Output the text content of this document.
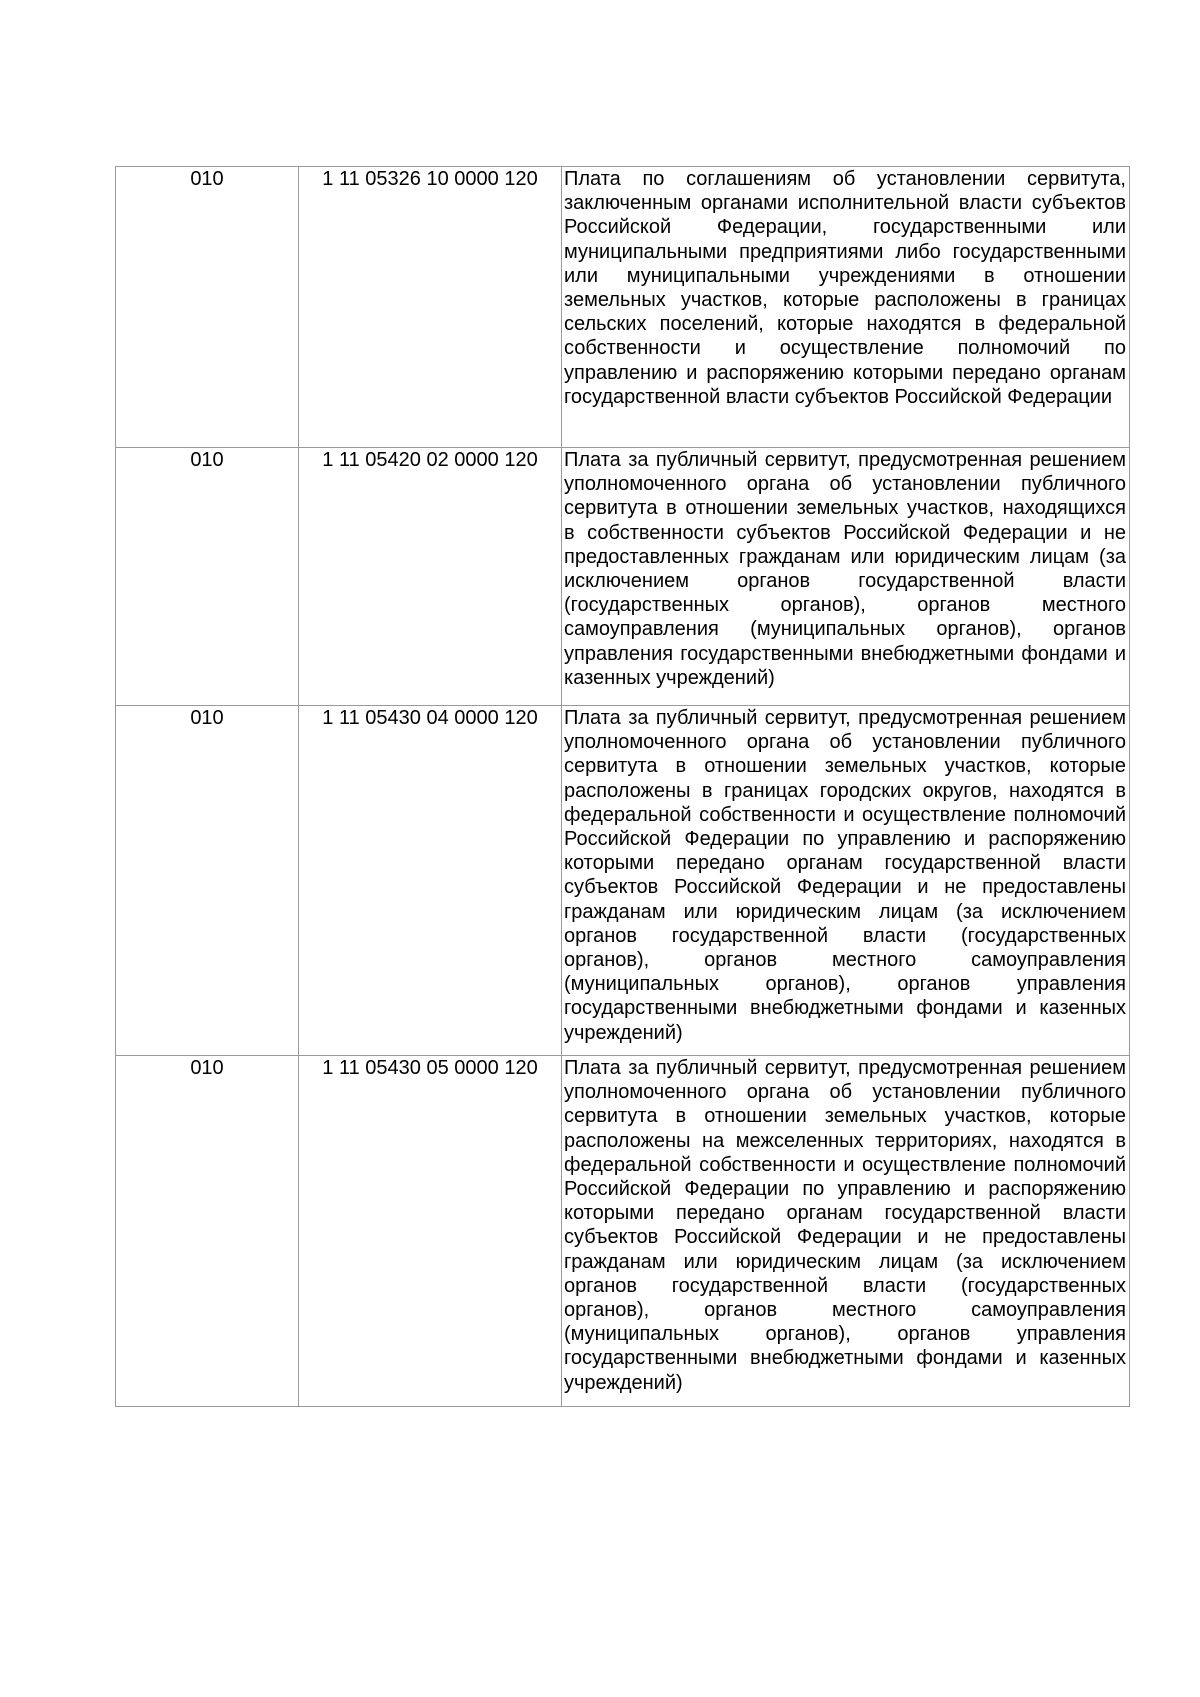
010	1 11 05326 10 0000 120	Плата по соглашениям об установлении сервитута, заключенным органами исполнительной власти субъектов Российской Федерации, государственными или муниципальными предприятиями либо государственными или муниципальными учреждениями в отношении земельных участков, которые расположены в границах сельских поселений, которые находятся в федеральной собственности и осуществление полномочий по управлению и распоряжению которыми передано органам государственной власти субъектов Российской Федерации

010	1 11 05420 02 0000 120	Плата за публичный сервитут, предусмотренная решением уполномоченного органа об установлении публичного сервитута в отношении земельных участков, находящихся в собственности субъектов Российской Федерации и не предоставленных гражданам или юридическим лицам (за исключением органов государственной власти (государственных органов), органов местного самоуправления (муниципальных органов), органов управления государственными внебюджетными фондами и казенных учреждений)

010	1 11 05430 04 0000 120	Плата за публичный сервитут, предусмотренная решением уполномоченного органа об установлении публичного сервитута в отношении земельных участков, которые расположены в границах городских округов, находятся в федеральной собственности и осуществление полномочий Российской Федерации по управлению и распоряжению которыми передано органам государственной власти субъектов Российской Федерации и не предоставлены гражданам или юридическим лицам (за исключением органов государственной власти (государственных органов), органов местного самоуправления (муниципальных органов), органов управления государственными внебюджетными фондами и казенных учреждений)

010	1 11 05430 05 0000 120	Плата за публичный сервитут, предусмотренная решением уполномоченного органа об установлении публичного сервитута в отношении земельных участков, которые расположены на межселенных территориях, находятся в федеральной собственности и осуществление полномочий Российской Федерации по управлению и распоряжению которыми передано органам государственной власти субъектов Российской Федерации и не предоставлены гражданам или юридическим лицам (за исключением органов государственной власти (государственных органов), органов местного самоуправления (муниципальных органов), органов управления государственными внебюджетными фондами и казенных учреждений)
